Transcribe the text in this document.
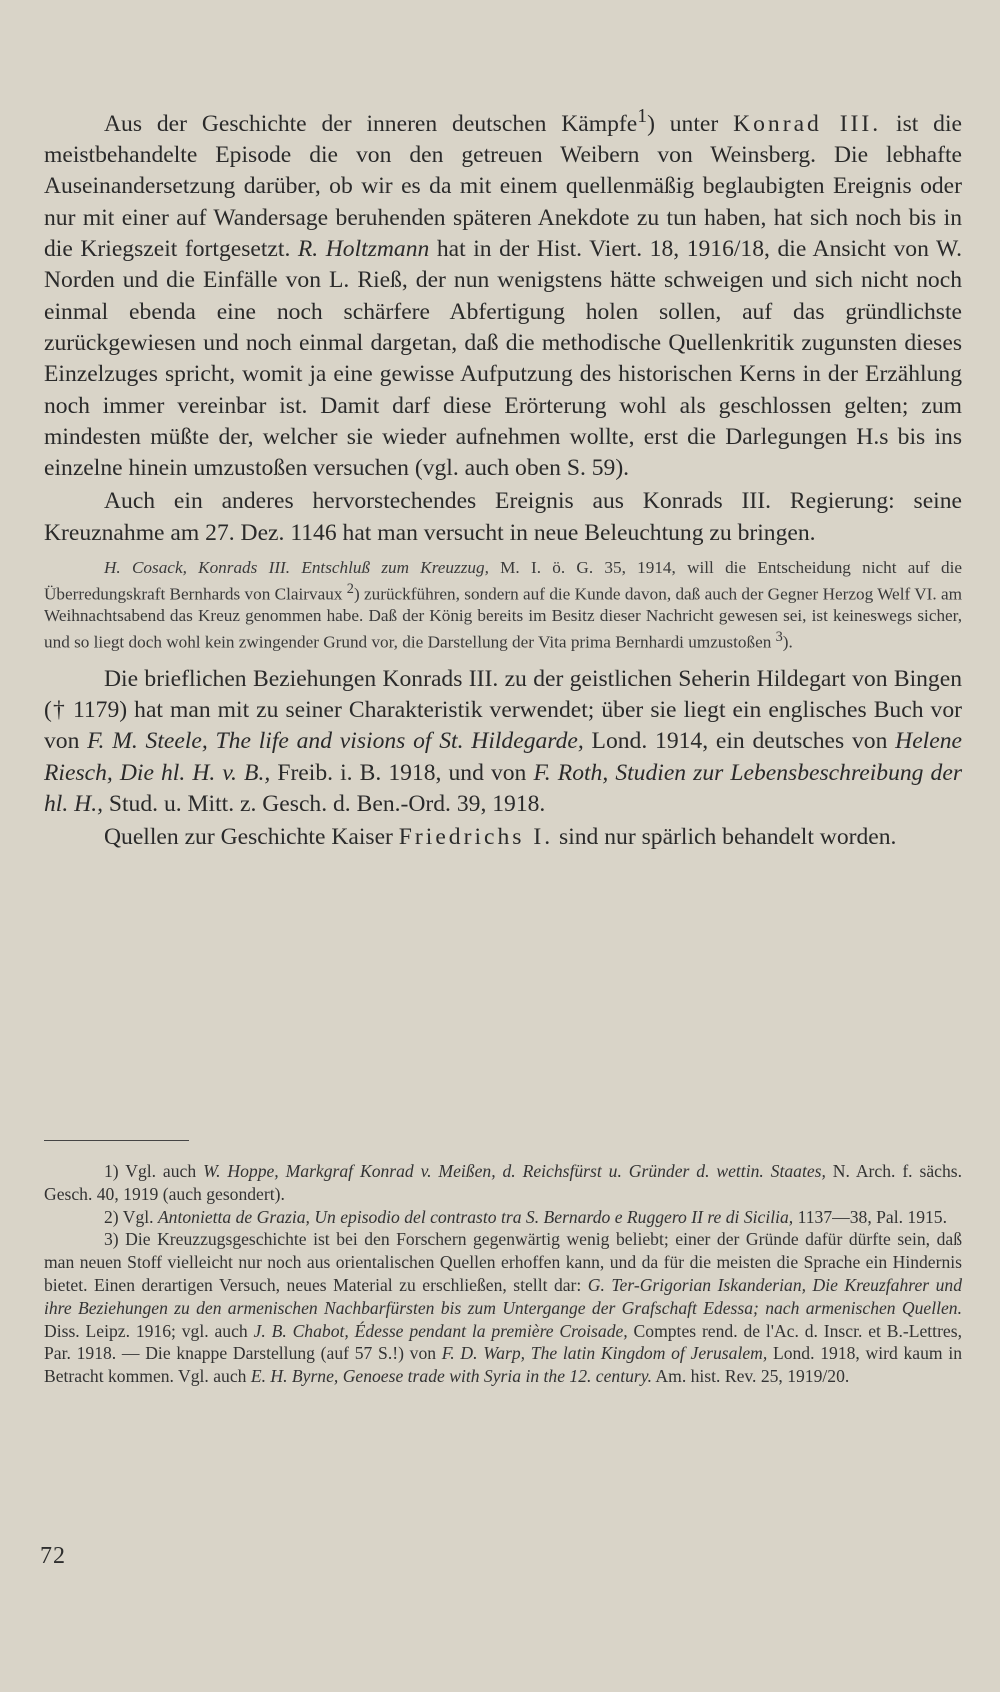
Aus der Geschichte der inneren deutschen Kämpfe$^1$) unter Konrad III. ist die meistbehandelte Episode die von den getreuen Weibern von Weinsberg. Die lebhafte Auseinandersetzung darüber, ob wir es da mit einem quellenmäßig beglaubigten Ereignis oder nur mit einer auf Wandersage beruhenden späteren Anekdote zu tun haben, hat sich noch bis in die Kriegszeit fortgesetzt. R. Holtzmann hat in der Hist. Viert. 18, 1916/18, die Ansicht von W. Norden und die Einfälle von L. Rieß, der nun wenigstens hätte schweigen und sich nicht noch einmal ebenda eine noch schärfere Abfertigung holen sollen, auf das gründlichste zurückgewiesen und noch einmal dargetan, daß die methodische Quellenkritik zugunsten dieses Einzelzuges spricht, womit ja eine gewisse Aufputzung des historischen Kerns in der Erzählung noch immer vereinbar ist. Damit darf diese Erörterung wohl als geschlossen gelten; zum mindesten müßte der, welcher sie wieder aufnehmen wollte, erst die Darlegungen H.s bis ins einzelne hinein umzustoßen versuchen (vgl. auch oben S. 59).

Auch ein anderes hervorstechendes Ereignis aus Konrads III. Regierung: seine Kreuznahme am 27. Dez. 1146 hat man versucht in neue Beleuchtung zu bringen.

H. Cosack, Konrads III. Entschluß zum Kreuzzug, M. I. ö. G. 35, 1914, will die Entscheidung nicht auf die Überredungskraft Bernhards von Clairvaux $^2$) zurückführen, sondern auf die Kunde davon, daß auch der Gegner Herzog Welf VI. am Weihnachtsabend das Kreuz genommen habe. Daß der König bereits im Besitz dieser Nachricht gewesen sei, ist keineswegs sicher, und so liegt doch wohl kein zwingender Grund vor, die Darstellung der Vita prima Bernhardi umzustoßen $^3$).

Die brieflichen Beziehungen Konrads III. zu der geistlichen Seherin Hildegart von Bingen († 1179) hat man mit zu seiner Charakteristik verwendet; über sie liegt ein englisches Buch vor von F. M. Steele, The life and visions of St. Hildegarde, Lond. 1914, ein deutsches von Helene Riesch, Die hl. H. v. B., Freib. i. B. 1918, und von F. Roth, Studien zur Lebensbeschreibung der hl. H., Stud. u. Mitt. z. Gesch. d. Ben.-Ord. 39, 1918.

Quellen zur Geschichte Kaiser Friedrichs I. sind nur spärlich behandelt worden.

1) Vgl. auch W. Hoppe, Markgraf Konrad v. Meißen, d. Reichsfürst u. Gründer d. wettin. Staates, N. Arch. f. sächs. Gesch. 40, 1919 (auch gesondert).

2) Vgl. Antonietta de Grazia, Un episodio del contrasto tra S. Bernardo e Ruggero II re di Sicilia, 1137—38, Pal. 1915.

3) Die Kreuzzugsgeschichte ist bei den Forschern gegenwärtig wenig beliebt; einer der Gründe dafür dürfte sein, daß man neuen Stoff vielleicht nur noch aus orientalischen Quellen erhoffen kann, und da für die meisten die Sprache ein Hindernis bietet. Einen derartigen Versuch, neues Material zu erschließen, stellt dar: G. Ter-Grigorian Iskanderian, Die Kreuzfahrer und ihre Beziehungen zu den armenischen Nachbarfürsten bis zum Untergange der Grafschaft Edessa; nach armenischen Quellen. Diss. Leipz. 1916; vgl. auch J. B. Chabot, Édesse pendant la première Croisade, Comptes rend. de l'Ac. d. Inscr. et B.-Lettres, Par. 1918. — Die knappe Darstellung (auf 57 S.!) von F. D. Warp, The latin Kingdom of Jerusalem, Lond. 1918, wird kaum in Betracht kommen. Vgl. auch E. H. Byrne, Genoese trade with Syria in the 12. century. Am. hist. Rev. 25, 1919/20.

72
